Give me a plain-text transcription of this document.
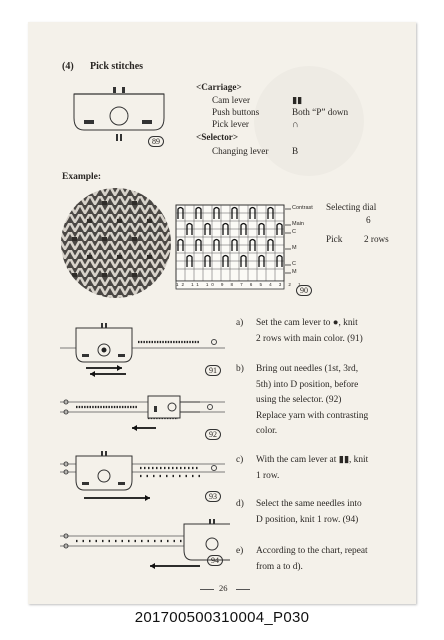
(4) Pick stitches
89
<Carriage>
Cam lever	▮▮
Push buttons	Both “P” down
Pick lever	∩
<Selector>
Changing lever	B
Example:
12 11 10 9 8 7 6 5 4 3 2 1
Contrast
Main
C
M
C
M
90
Selecting dial
6
Pick 2 rows
91
92
93
94
a) Set the cam lever to ●, knit
2 rows with main color. (91)
b) Bring out needles (1st, 3rd,
5th) into D position, before
using the selector. (92)
Replace yarn with contrasting
color.
c) With the cam lever at ▮▮, knit
1 row.
d) Select the same needles into
D position, knit 1 row. (94)
e) According to the chart, repeat
from a to d).
26
201700500310004_P030
